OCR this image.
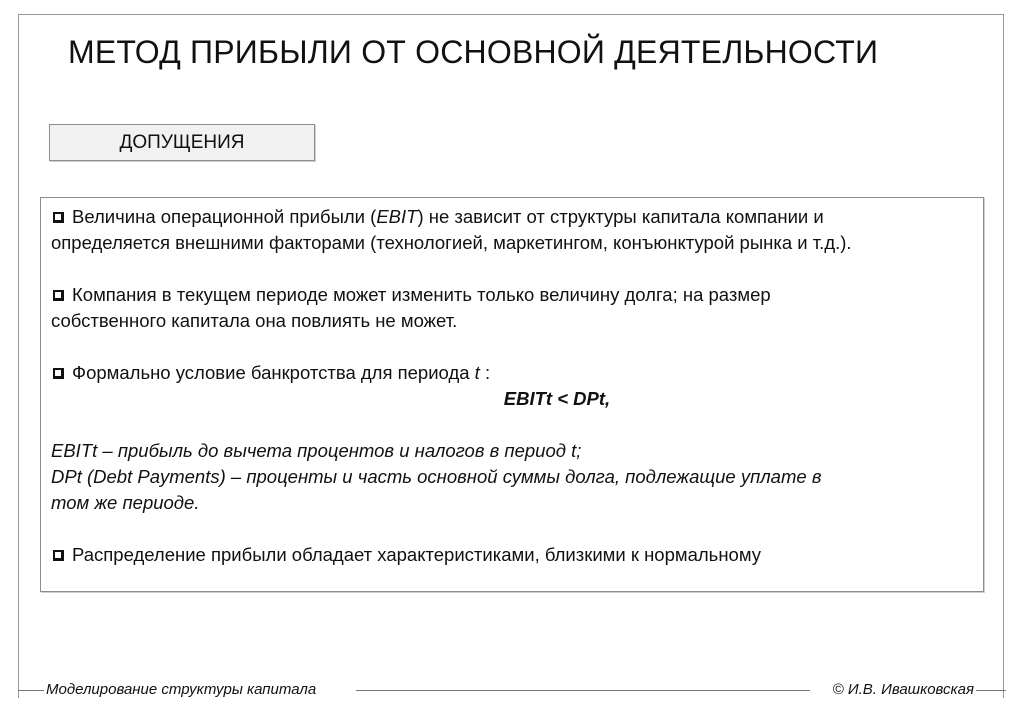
МЕТОД ПРИБЫЛИ ОТ ОСНОВНОЙ ДЕЯТЕЛЬНОСТИ
ДОПУЩЕНИЯ

Величина операционной прибыли (EBIT) не зависит от структуры капитала компании и
определяется внешними факторами (технологией, маркетингом, конъюнктурой рынка и т.д.).

Компания в текущем периоде может изменить только величину долга; на размер
собственного капитала она повлиять не может.

Формально условие банкротства для периода t :

EBITt < DPt,

EBITt – прибыль до вычета процентов и налогов в период t;
DPt (Debt Payments) – проценты и часть основной суммы долга, подлежащие уплате в
том же периоде.

Распределение прибыли обладает характеристиками, близкими к нормальному

Моделирование структуры капитала	© И.В. Ивашковская
